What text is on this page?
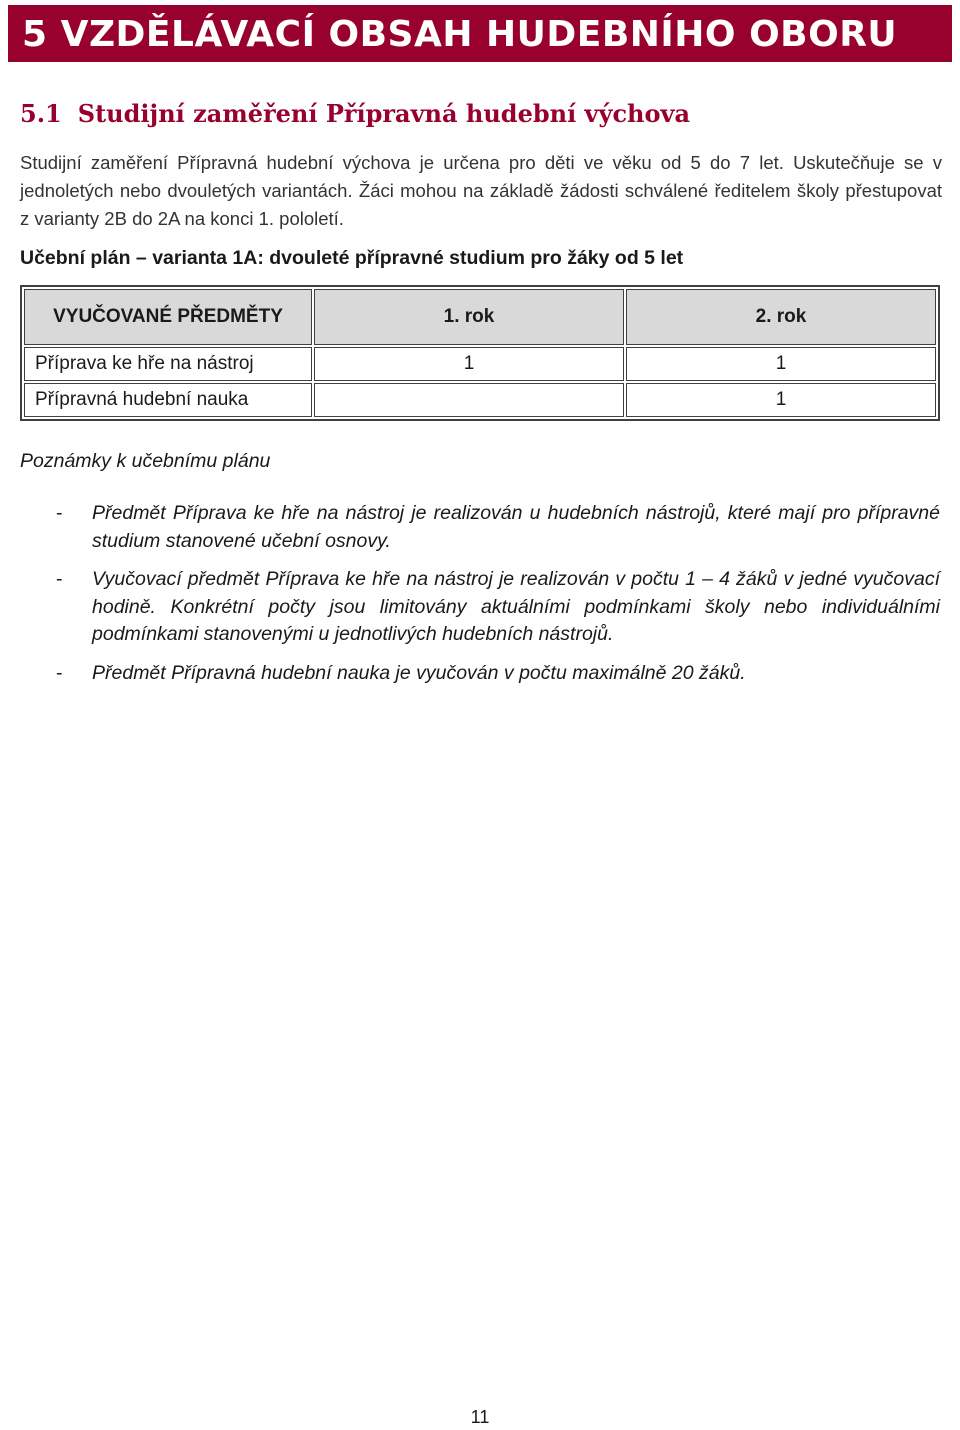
5 VZDĚLÁVACÍ OBSAH HUDEBNÍHO OBORU
5.1 Studijní zaměření Přípravná hudební výchova

Studijní zaměření Přípravná hudební výchova je určena pro děti ve věku od 5 do 7 let. Uskutečňuje se v jednoletých nebo dvouletých variantách. Žáci mohou na základě žádosti schválené ředitelem školy přestupovat z varianty 2B do 2A na konci 1. pololetí.

Učební plán – varianta 1A: dvouleté přípravné studium pro žáky od 5 let
VYUČOVANÉ PŘEDMĚTY	1. rok	2. rok
Příprava ke hře na nástroj	1	1
Přípravná hudební nauka		1
Poznámky k učebnímu plánu
- Předmět Příprava ke hře na nástroj je realizován u hudebních nástrojů, které mají pro přípravné studium stanovené učební osnovy.
- Vyučovací předmět Příprava ke hře na nástroj je realizován v počtu 1 – 4 žáků v jedné vyučovací hodině. Konkrétní počty jsou limitovány aktuálními podmínkami školy nebo individuálními podmínkami stanovenými u jednotlivých hudebních nástrojů.
- Předmět Přípravná hudební nauka je vyučován v počtu maximálně 20 žáků.
11
